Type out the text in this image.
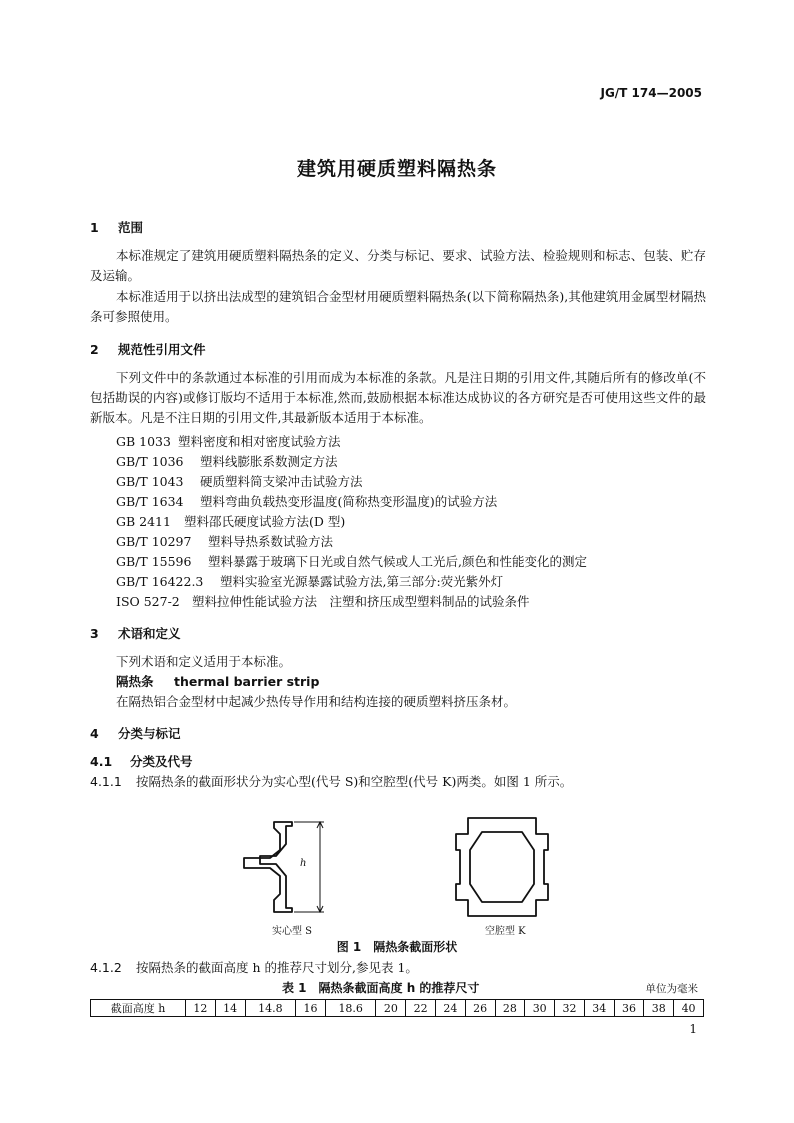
JG/T 174—2005
建筑用硬质塑料隔热条
1 范围
本标准规定了建筑用硬质塑料隔热条的定义、分类与标记、要求、试验方法、检验规则和标志、包装、贮存及运输。
本标准适用于以挤出法成型的建筑铝合金型材用硬质塑料隔热条(以下简称隔热条),其他建筑用金属型材隔热条可参照使用。
2 规范性引用文件
下列文件中的条款通过本标准的引用而成为本标准的条款。凡是注日期的引用文件,其随后所有的修改单(不包括勘误的内容)或修订版均不适用于本标准,然而,鼓励根据本标准达成协议的各方研究是否可使用这些文件的最新版本。凡是不注日期的引用文件,其最新版本适用于本标准。
GB 1033 塑料密度和相对密度试验方法
GB/T 1036 塑料线膨胀系数测定方法
GB/T 1043 硬质塑料简支梁冲击试验方法
GB/T 1634 塑料弯曲负载热变形温度(简称热变形温度)的试验方法
GB 2411 塑料邵氏硬度试验方法(D 型)
GB/T 10297 塑料导热系数试验方法
GB/T 15596 塑料暴露于玻璃下日光或自然气候或人工光后,颜色和性能变化的测定
GB/T 16422.3 塑料实验室光源暴露试验方法,第三部分:荧光紫外灯
ISO 527-2 塑料拉伸性能试验方法　注塑和挤压成型塑料制品的试验条件
3 术语和定义
下列术语和定义适用于本标准。
隔热条 thermal barrier strip
在隔热铝合金型材中起减少热传导作用和结构连接的硬质塑料挤压条材。
4 分类与标记
4.1 分类及代号
4.1.1 按隔热条的截面形状分为实心型(代号 S)和空腔型(代号 K)两类。如图 1 所示。
h
实心型 S	空腔型 K
图 1　隔热条截面形状
4.1.2 按隔热条的截面高度 h 的推荐尺寸划分,参见表 1。
表 1　隔热条截面高度 h 的推荐尺寸	单位为毫米
截面高度 h	12	14	14.8	16	18.6	20	22	24	26	28	30	32	34	36	38	40
1
